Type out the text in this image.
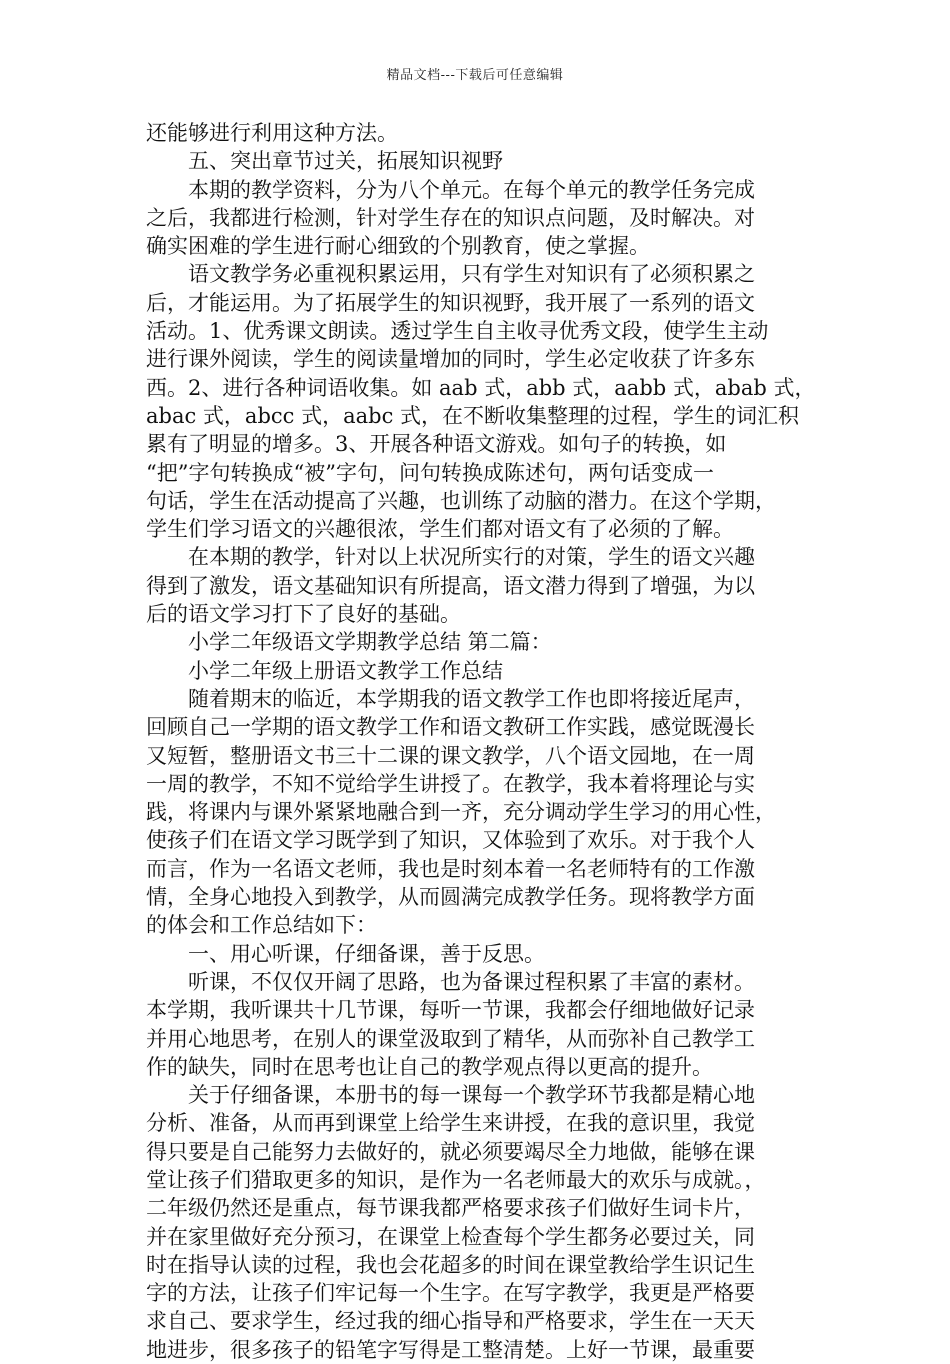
精品文档---下载后可任意编辑
还能够进行利用这种方法。
五、突出章节过关，拓展知识视野
本期的教学资料，分为八个单元。在每个单元的教学任务完成
之后，我都进行检测，针对学生存在的知识点问题，及时解决。对
确实困难的学生进行耐心细致的个别教育，使之掌握。
语文教学务必重视积累运用，只有学生对知识有了必须积累之
后，才能运用。为了拓展学生的知识视野，我开展了一系列的语文
活动。1、优秀课文朗读。透过学生自主收寻优秀文段，使学生主动
进行课外阅读，学生的阅读量增加的同时，学生必定收获了许多东
西。2、进行各种词语收集。如 aab 式，abb 式，aabb 式，abab 式，
abac 式，abcc 式，aabc 式，在不断收集整理的过程，学生的词汇积
累有了明显的增多。3、开展各种语文游戏。如句子的转换，如
“把”字句转换成“被”字句，问句转换成陈述句，两句话变成一
句话，学生在活动提高了兴趣，也训练了动脑的潜力。在这个学期，
学生们学习语文的兴趣很浓，学生们都对语文有了必须的了解。
在本期的教学，针对以上状况所实行的对策，学生的语文兴趣
得到了激发，语文基础知识有所提高，语文潜力得到了增强，为以
后的语文学习打下了良好的基础。
小学二年级语文学期教学总结 第二篇：
小学二年级上册语文教学工作总结
随着期末的临近，本学期我的语文教学工作也即将接近尾声，
回顾自己一学期的语文教学工作和语文教研工作实践，感觉既漫长
又短暂，整册语文书三十二课的课文教学，八个语文园地，在一周
一周的教学，不知不觉给学生讲授了。在教学，我本着将理论与实
践，将课内与课外紧紧地融合到一齐，充分调动学生学习的用心性，
使孩子们在语文学习既学到了知识，又体验到了欢乐。对于我个人
而言，作为一名语文老师，我也是时刻本着一名老师特有的工作激
情，全身心地投入到教学，从而圆满完成教学任务。现将教学方面
的体会和工作总结如下：
一、用心听课，仔细备课，善于反思。
听课，不仅仅开阔了思路，也为备课过程积累了丰富的素材。
本学期，我听课共十几节课，每听一节课，我都会仔细地做好记录
并用心地思考，在别人的课堂汲取到了精华，从而弥补自己教学工
作的缺失，同时在思考也让自己的教学观点得以更高的提升。
关于仔细备课，本册书的每一课每一个教学环节我都是精心地
分析、准备，从而再到课堂上给学生来讲授，在我的意识里，我觉
得只要是自己能努力去做好的，就必须要竭尽全力地做，能够在课
堂让孩子们猎取更多的知识，是作为一名老师最大的欢乐与成就。，
二年级仍然还是重点，每节课我都严格要求孩子们做好生词卡片，
并在家里做好充分预习，在课堂上检查每个学生都务必要过关，同
时在指导认读的过程，我也会花超多的时间在课堂教给学生识记生
字的方法，让孩子们牢记每一个生字。在写字教学，我更是严格要
求自己、要求学生，经过我的细心指导和严格要求，学生在一天天
地进步，很多孩子的铅笔字写得是工整清楚。上好一节课，最重要
